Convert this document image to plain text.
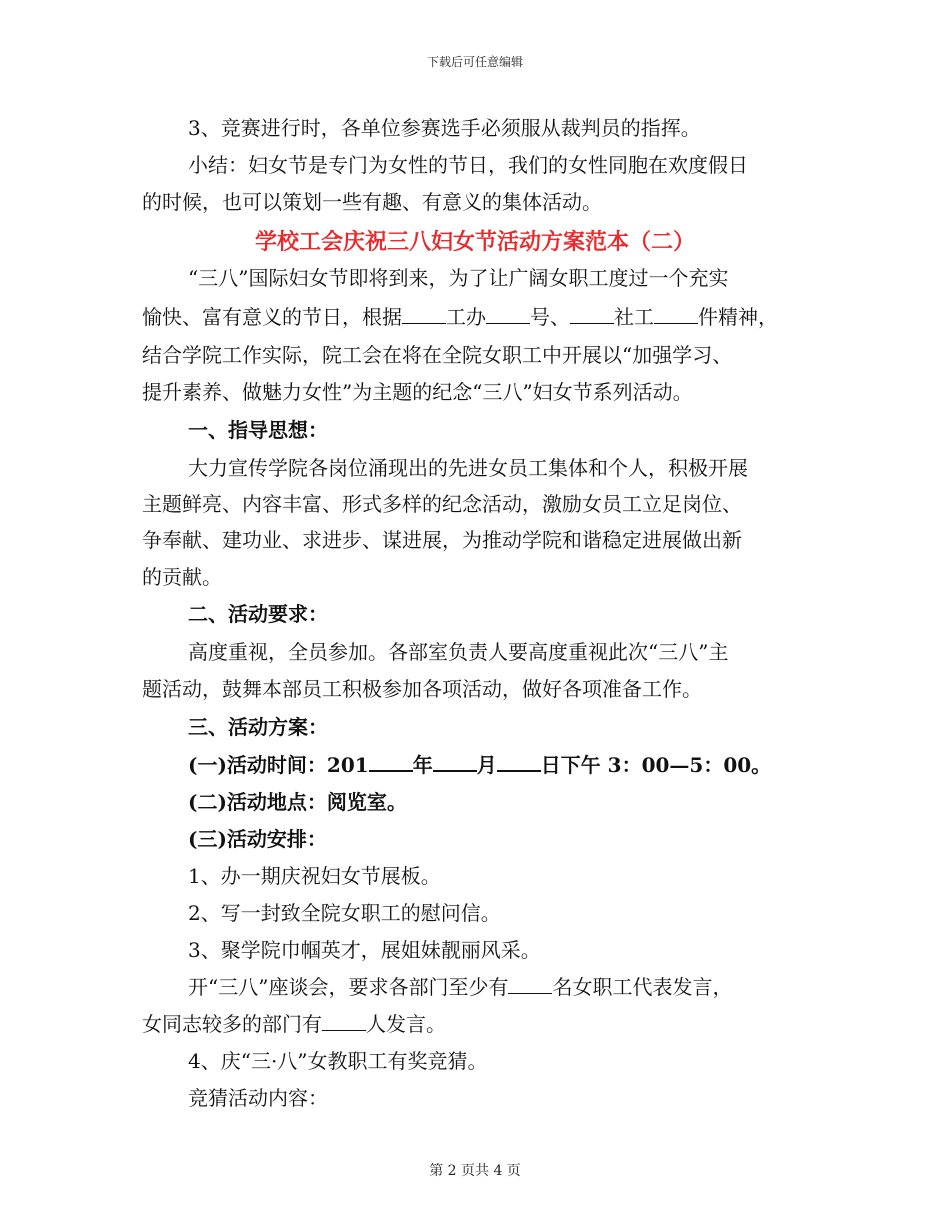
下载后可任意编辑
3、竞赛进行时，各单位参赛选手必须服从裁判员的指挥。
小结：妇女节是专门为女性的节日，我们的女性同胞在欢度假日
的时候，也可以策划一些有趣、有意义的集体活动。
学校工会庆祝三八妇女节活动方案范本（二）
“三八”国际妇女节即将到来，为了让广阔女职工度过一个充实
愉快、富有意义的节日，根据 工办 号、 社工 件精神，
结合学院工作实际，院工会在将在全院女职工中开展以“加强学习、
提升素养、做魅力女性”为主题的纪念“三八”妇女节系列活动。
一、指导思想：
大力宣传学院各岗位涌现出的先进女员工集体和个人，积极开展
主题鲜亮、内容丰富、形式多样的纪念活动，激励女员工立足岗位、
争奉献、建功业、求进步、谋进展，为推动学院和谐稳定进展做出新
的贡献。
二、活动要求：
高度重视，全员参加。各部室负责人要高度重视此次“三八”主
题活动，鼓舞本部员工积极参加各项活动，做好各项准备工作。
三、活动方案：
(一)活动时间：201 年 月 日下午 3：00—5：00。
(二)活动地点：阅览室。
(三)活动安排：
1、办一期庆祝妇女节展板。
2、写一封致全院女职工的慰问信。
3、聚学院巾帼英才，展姐妹靓丽风采。
开“三八”座谈会，要求各部门至少有 名女职工代表发言，
女同志较多的部门有 人发言。
4、庆“三·八”女教职工有奖竞猜。
竞猜活动内容：
第 2 页共 4 页
